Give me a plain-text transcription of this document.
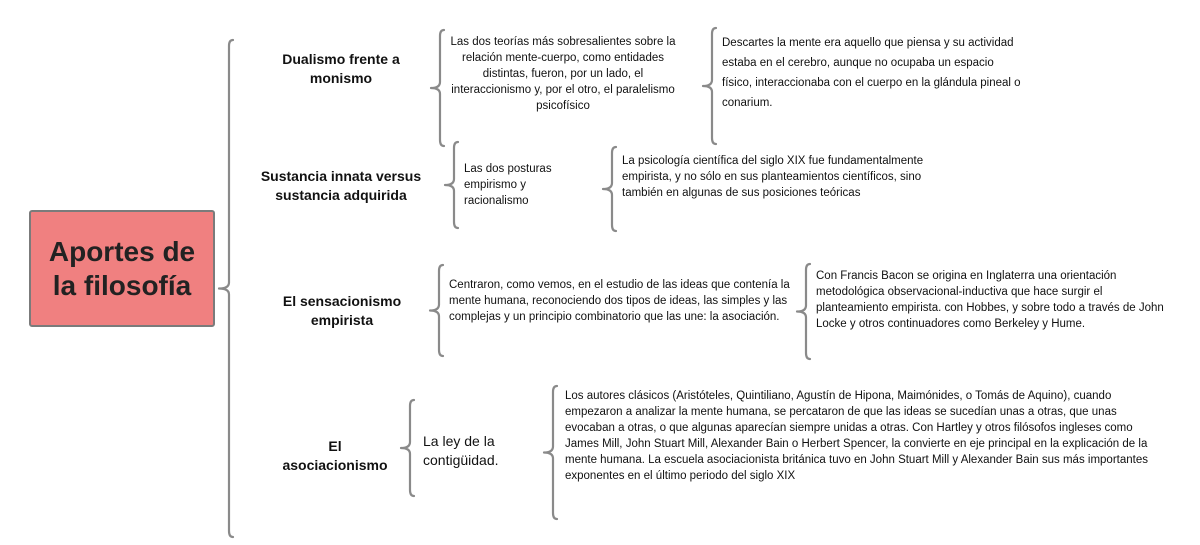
Aportes de la filosofía
Dualismo frente a monismo
Las dos teorías más sobresalientes sobre la relación mente-cuerpo, como entidades distintas, fueron, por un lado, el interaccionismo y, por el otro, el paralelismo psicofísico
Descartes la mente era aquello que piensa y su actividad estaba en el cerebro, aunque no ocupaba un espacio físico, interaccionaba con el cuerpo en la glándula pineal o conarium.
Sustancia innata versus sustancia adquirida
Las dos posturas empirismo y racionalismo
La psicología científica del siglo XIX fue fundamentalmente empirista, y no sólo en sus planteamientos científicos, sino también en algunas de sus posiciones teóricas
El sensacionismo empirista
Centraron, como vemos, en el estudio de las ideas que contenía la mente humana, reconociendo dos tipos de ideas, las simples y las complejas y un principio combinatorio que las une: la asociación.
Con Francis Bacon se origina en Inglaterra una orientación metodológica observacional-inductiva que hace surgir el planteamiento empirista. con Hobbes, y sobre todo a través de John Locke y otros continuadores como Berkeley y Hume.
El asociacionismo
La ley de la contigüidad.
Los autores clásicos (Aristóteles, Quintiliano, Agustín de Hipona, Maimónides, o Tomás de Aquino), cuando empezaron a analizar la mente humana, se percataron de que las ideas se sucedían unas a otras, que unas evocaban a otras, o que algunas aparecían siempre unidas a otras. Con Hartley y otros filósofos ingleses como James Mill, John Stuart Mill, Alexander Bain o Herbert Spencer, la convierte en eje principal en la explicación de la mente humana. La escuela asociacionista británica tuvo en John Stuart Mill y Alexander Bain sus más importantes exponentes en el último periodo del siglo XIX
